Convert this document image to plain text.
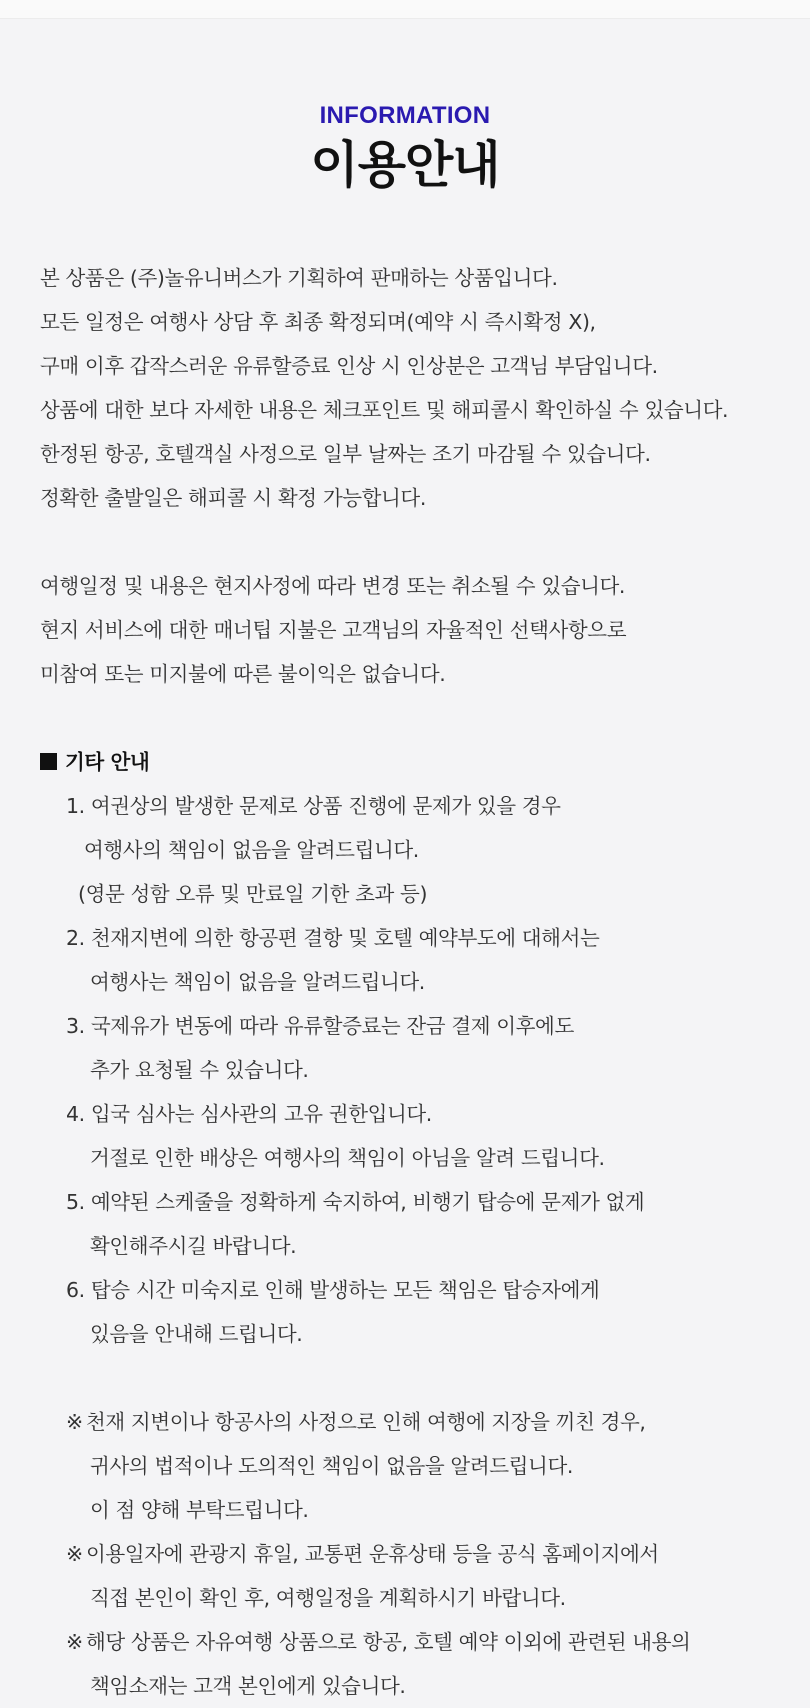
INFORMATION
이용안내
본 상품은 (주)놀유니버스가 기획하여 판매하는 상품입니다.
모든 일정은 여행사 상담 후 최종 확정되며(예약 시 즉시확정 X),
구매 이후 갑작스러운 유류할증료 인상 시 인상분은 고객님 부담입니다.
상품에 대한 보다 자세한 내용은 체크포인트 및 해피콜시 확인하실 수 있습니다.
한정된 항공, 호텔객실 사정으로 일부 날짜는 조기 마감될 수 있습니다.
정확한 출발일은 해피콜 시 확정 가능합니다.
여행일정 및 내용은 현지사정에 따라 변경 또는 취소될 수 있습니다.
현지 서비스에 대한 매너팁 지불은 고객님의 자율적인 선택사항으로
미참여 또는 미지불에 따른 불이익은 없습니다.
기타 안내
1. 여권상의 발생한 문제로 상품 진행에 문제가 있을 경우
여행사의 책임이 없음을 알려드립니다.
(영문 성함 오류 및 만료일 기한 초과 등)
2. 천재지변에 의한 항공편 결항 및 호텔 예약부도에 대해서는
여행사는 책임이 없음을 알려드립니다.
3. 국제유가 변동에 따라 유류할증료는 잔금 결제 이후에도
추가 요청될 수 있습니다.
4. 입국 심사는 심사관의 고유 권한입니다.
거절로 인한 배상은 여행사의 책임이 아님을 알려 드립니다.
5. 예약된 스케줄을 정확하게 숙지하여, 비행기 탑승에 문제가 없게
확인해주시길 바랍니다.
6. 탑승 시간 미숙지로 인해 발생하는 모든 책임은 탑승자에게
있음을 안내해 드립니다.
※ 천재 지변이나 항공사의 사정으로 인해 여행에 지장을 끼친 경우,
귀사의 법적이나 도의적인 책임이 없음을 알려드립니다.
이 점 양해 부탁드립니다.
※ 이용일자에 관광지 휴일, 교통편 운휴상태 등을 공식 홈페이지에서
직접 본인이 확인 후, 여행일정을 계획하시기 바랍니다.
※ 해당 상품은 자유여행 상품으로 항공, 호텔 예약 이외에 관련된 내용의
책임소재는 고객 본인에게 있습니다.
